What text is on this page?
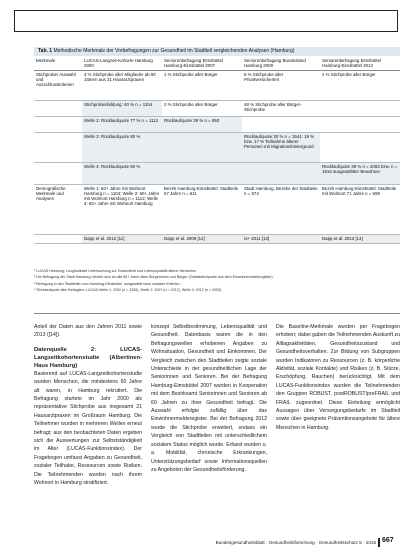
Tab. 1 Methodische Merkmale der Vorbefragungen zur Gesundheit im Stadtteil vergleichenden Analysen (Hamburg)
Merkmale	LUCAS-Langzeit-Kohorte Hamburg 2000	Seniorenbefragung Eimsbüttel Hamburg-Eimsbüttel 2007	Seniorenbefragung Bundesland Hamburg 2009	Seniorenbefragung Eimsbüttel Hamburg-Eimsbüttel 2012
Stichprobe/ Auswahl und Ausschlusskriterien	3 % Stichprobe aller Mitglieder ab 60 Jahren aus 21 Hausarztpraxen	1 % Stichprobe aller Bürger	6 % Stichprobe aller Privatversicherten	1 % Stichprobe aller Bürger
	Stichprobenbildung: 40 % n = 1104	2 % Stichprobe aller Bürger	48 % Stichprobe aller Bürger-Stichprobe	
	Welle 2: Rücklaufquote 77 % n = 1112	Rücklaufquote 39 % n = 950		
	Welle 3: Rücklaufquote 80 %		Rücklaufquote 30 % n = 1541: 19 % bzw. 17 % Teilnahme älterer Personen mit Migrationshintergrund	
	Welle 4: Rücklaufquote 90 %			Rücklaufquote 39 % n = 2003 bzw. n = 1916 ausgewählter Bewohner
Demografische Merkmale und Analysen	Welle 1: 60+ Jahre mit Wohnort Hamburg n = 1104; Welle 2: 60+ Jahre mit Wohnort Hamburg n = 1112; Welle 4: 60+ Jahre mit Wohnort Hamburg	Bezirk Hamburg-Eimsbüttel: Stadtteile 67 Jahre n = 611	Stadt Hamburg, Bezirke der Stadtteile n = 574	Bezirk Hamburg-Eimsbüttel: Stadtteile mit Wohnort 71 Jahre n = 599
	Dapp et al. 2012 [11]	Dapp et al. 2009 [12]	Is+ 2011 [13]	Dapp et al. 2013 [14]
¹ LUCAS Hamburg: Longitudinale Untersuchung zur Gesundheit und Lebensqualität älterer Menschen
² Die Befragung der Stadt Hamburg richtete sich an alle 60+ Jahre alten Bürgerinnen und Bürger (Zufallsstichprobe aus dem Einwohnermelderegister).
³ Befragung in den Stadtteilen von Hamburg-Eimsbüttel, ausgewählt nach sozialen Kriterien.
⁴ Rücklaufquote aller Befragten: LUCAS-Welle 1: 2000 (n = 3326), Welle 2: 2007 (n = 2012), Welle 4: 2012 (n = 2003).

Anteil der Daten aus den Jahren 2011 sowie 2013 ([14]).

Datenquelle 2: LUCAS-Langzeitkohortenstudie (Albertinen-Haus Hamburg)

Basierend auf LUCAS-Langzeitkohortenstudie wurden Menschen, die mindestens 60 Jahre alt waren, in Hamburg rekrutiert. Die Befragung startete im Jahr 2000 als repräsentative Stichprobe aus insgesamt 21 Hausarztpraxen im Großraum Hamburg. Die Teilnehmer wurden in mehreren Wellen erneut befragt; aus den beobachteten Daten ergeben sich die Auswertungen zur Selbstständigkeit im Alter (LUCAS-Funktionsindex). Der Fragebogen umfasst Angaben zu Gesundheit, sozialer Teilhabe, Ressourcen sowie Risiken. Die Teilnehmenden wurden nach ihrem Wohnort in Hamburg stratifiziert.

konzept Selbstbestimmung, Lebensqualität und Gesundheit. Datenbasis waren die in den Befragungswellen erhobenen Angaben zu Wohnsituation, Gesundheit und Einkommen. Der Vergleich zwischen den Stadtteilen zeigte soziale Unterschiede in der gesundheitlichen Lage der Seniorinnen und Senioren. Bei der Befragung Hamburg-Eimsbüttel 2007 wurden in Kooperation mit dem Bezirksamt Seniorinnen und Senioren ab 60 Jahren zu ihrer Gesundheit befragt. Die Auswahl erfolgte zufällig über das Einwohnermelderegister. Bei der Befragung 2012 wurde die Stichprobe erweitert, sodass ein Vergleich von Stadtteilen mit unterschiedlichem sozialem Status möglich wurde. Erfasst wurden u. a. Mobilität, chronische Erkrankungen, Unterstützungsbedarf sowie Informationsquellen zu Angeboten der Gesundheitsförderung.

Die Baseline-Merkmale wurden per Fragebogen erhoben; dabei gaben die Teilnehmenden Auskunft zu Alltagsaktivitäten, Gesundheitszustand und Gesundheitsverhalten. Zur Bildung von Subgruppen wurden Indikatoren zu Ressourcen (z. B. körperliche Aktivität, soziale Kontakte) und Risiken (z. B. Stürze, Erschöpfung, Rauchen) berücksichtigt. Mit dem LUCAS-Funktionsindex wurden die Teilnehmenden den Gruppen ROBUST, postROBUST/preFRAIL und FRAIL zugeordnet. Diese Einteilung ermöglicht Aussagen über Versorgungsbedarfe im Stadtteil sowie über geeignete Präventionsangebote für ältere Menschen in Hamburg.

Bundesgesundheitsblatt · Gesundheitsforschung · Gesundheitsschutz 5 · 2016 667
